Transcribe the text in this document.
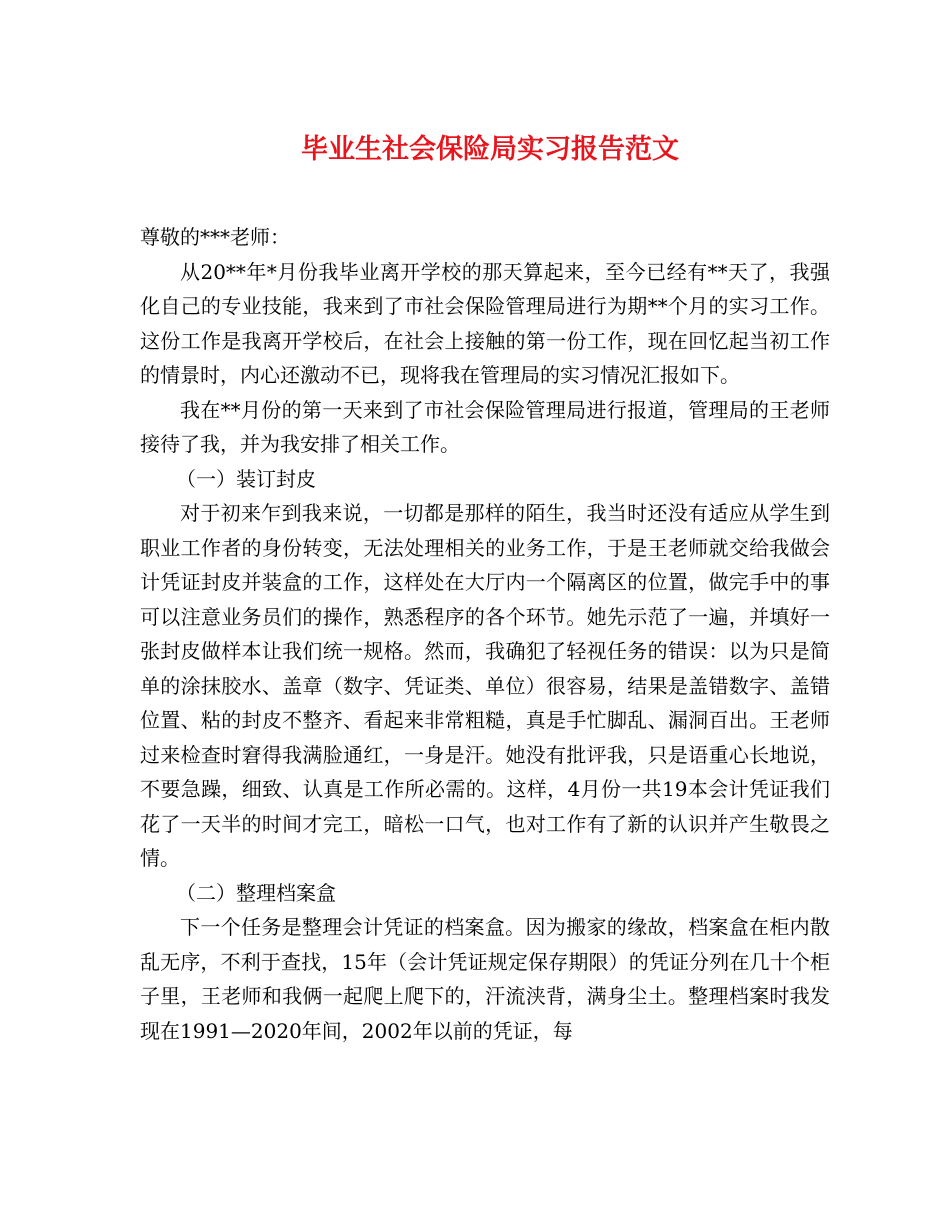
毕业生社会保险局实习报告范文

尊敬的***老师：

从20**年*月份我毕业离开学校的那天算起来，至今已经有**天了，我强化自己的专业技能，我来到了市社会保险管理局进行为期**个月的实习工作。这份工作是我离开学校后，在社会上接触的第一份工作，现在回忆起当初工作的情景时，内心还激动不已，现将我在管理局的实习情况汇报如下。

我在**月份的第一天来到了市社会保险管理局进行报道，管理局的王老师接待了我，并为我安排了相关工作。

（一）装订封皮

对于初来乍到我来说，一切都是那样的陌生，我当时还没有适应从学生到职业工作者的身份转变，无法处理相关的业务工作，于是王老师就交给我做会计凭证封皮并装盒的工作，这样处在大厅内一个隔离区的位置，做完手中的事可以注意业务员们的操作，熟悉程序的各个环节。她先示范了一遍，并填好一张封皮做样本让我们统一规格。然而，我确犯了轻视任务的错误：以为只是简单的涂抹胶水、盖章（数字、凭证类、单位）很容易，结果是盖错数字、盖错位置、粘的封皮不整齐、看起来非常粗糙，真是手忙脚乱、漏洞百出。王老师过来检查时窘得我满脸通红，一身是汗。她没有批评我，只是语重心长地说，不要急躁，细致、认真是工作所必需的。这样，4月份一共19本会计凭证我们花了一天半的时间才完工，暗松一口气，也对工作有了新的认识并产生敬畏之情。

（二）整理档案盒

下一个任务是整理会计凭证的档案盒。因为搬家的缘故，档案盒在柜内散乱无序，不利于查找，15年（会计凭证规定保存期限）的凭证分列在几十个柜子里，王老师和我俩一起爬上爬下的，汗流浃背，满身尘土。整理档案时我发现在1991—2020年间，2002年以前的凭证，每
